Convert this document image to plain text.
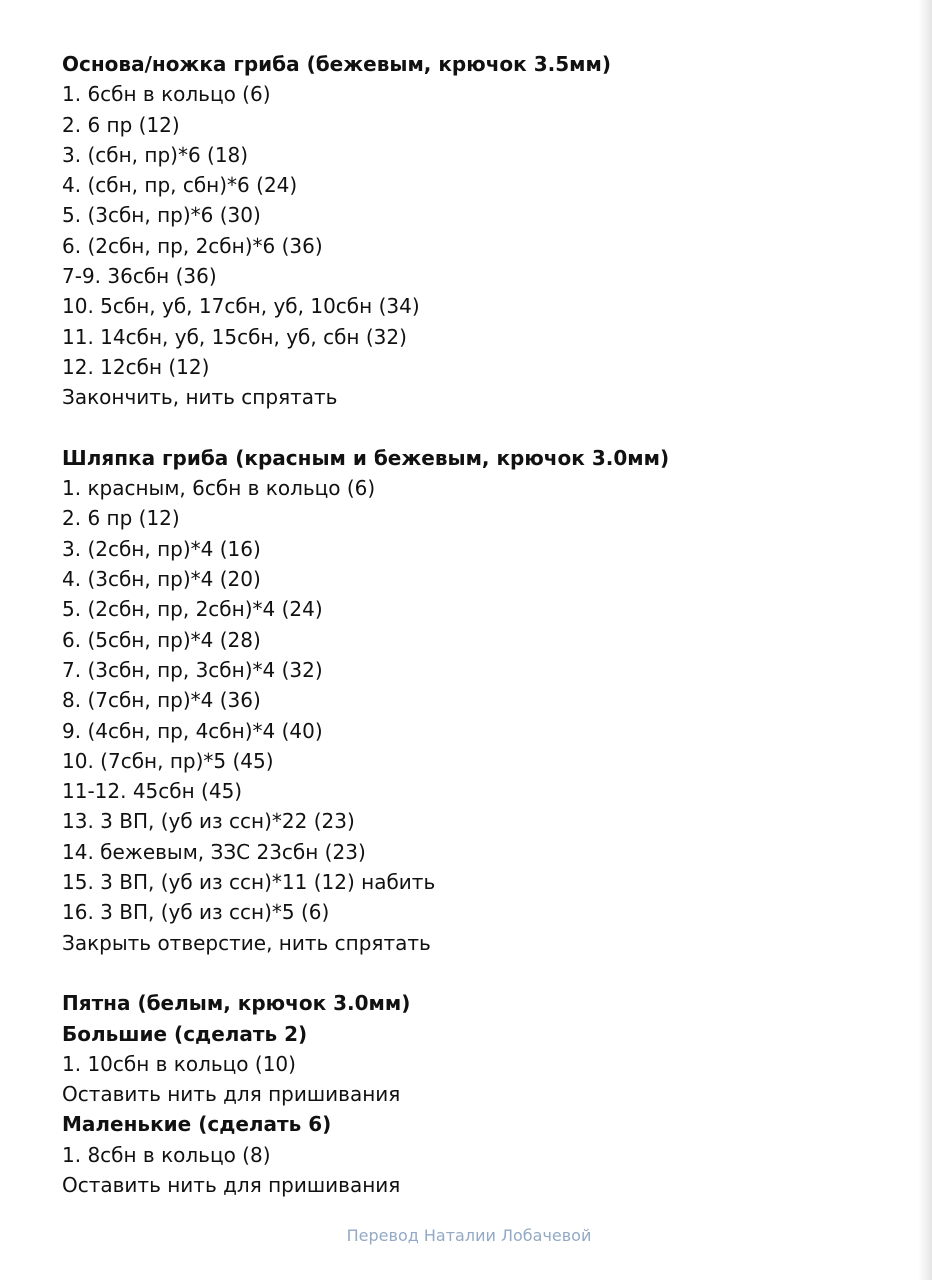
Основа/ножка гриба (бежевым, крючок 3.5мм)
1. 6сбн в кольцо (6)
2. 6 пр (12)
3. (сбн, пр)*6 (18)
4. (сбн, пр, сбн)*6 (24)
5. (3сбн, пр)*6 (30)
6. (2сбн, пр, 2сбн)*6 (36)
7-9. 36сбн (36)
10. 5сбн, уб, 17сбн, уб, 10сбн (34)
11. 14сбн, уб, 15сбн, уб, сбн (32)
12. 12сбн (12)
Закончить, нить спрятать
Шляпка гриба (красным и бежевым, крючок 3.0мм)
1. красным, 6сбн в кольцо (6)
2. 6 пр (12)
3. (2сбн, пр)*4 (16)
4. (3сбн, пр)*4 (20)
5. (2сбн, пр, 2сбн)*4 (24)
6. (5сбн, пр)*4 (28)
7. (3сбн, пр, 3сбн)*4 (32)
8. (7сбн, пр)*4 (36)
9. (4сбн, пр, 4сбн)*4 (40)
10. (7сбн, пр)*5 (45)
11-12. 45сбн (45)
13. 3 ВП, (уб из ссн)*22 (23)
14. бежевым, ЗЗС 23сбн (23)
15. 3 ВП, (уб из ссн)*11 (12) набить
16. 3 ВП, (уб из ссн)*5 (6)
Закрыть отверстие, нить спрятать
Пятна (белым, крючок 3.0мм)
Большие (сделать 2)
1. 10сбн в кольцо (10)
Оставить нить для пришивания
Маленькие (сделать 6)
1. 8сбн в кольцо (8)
Оставить нить для пришивания
Перевод Наталии Лобачевой
